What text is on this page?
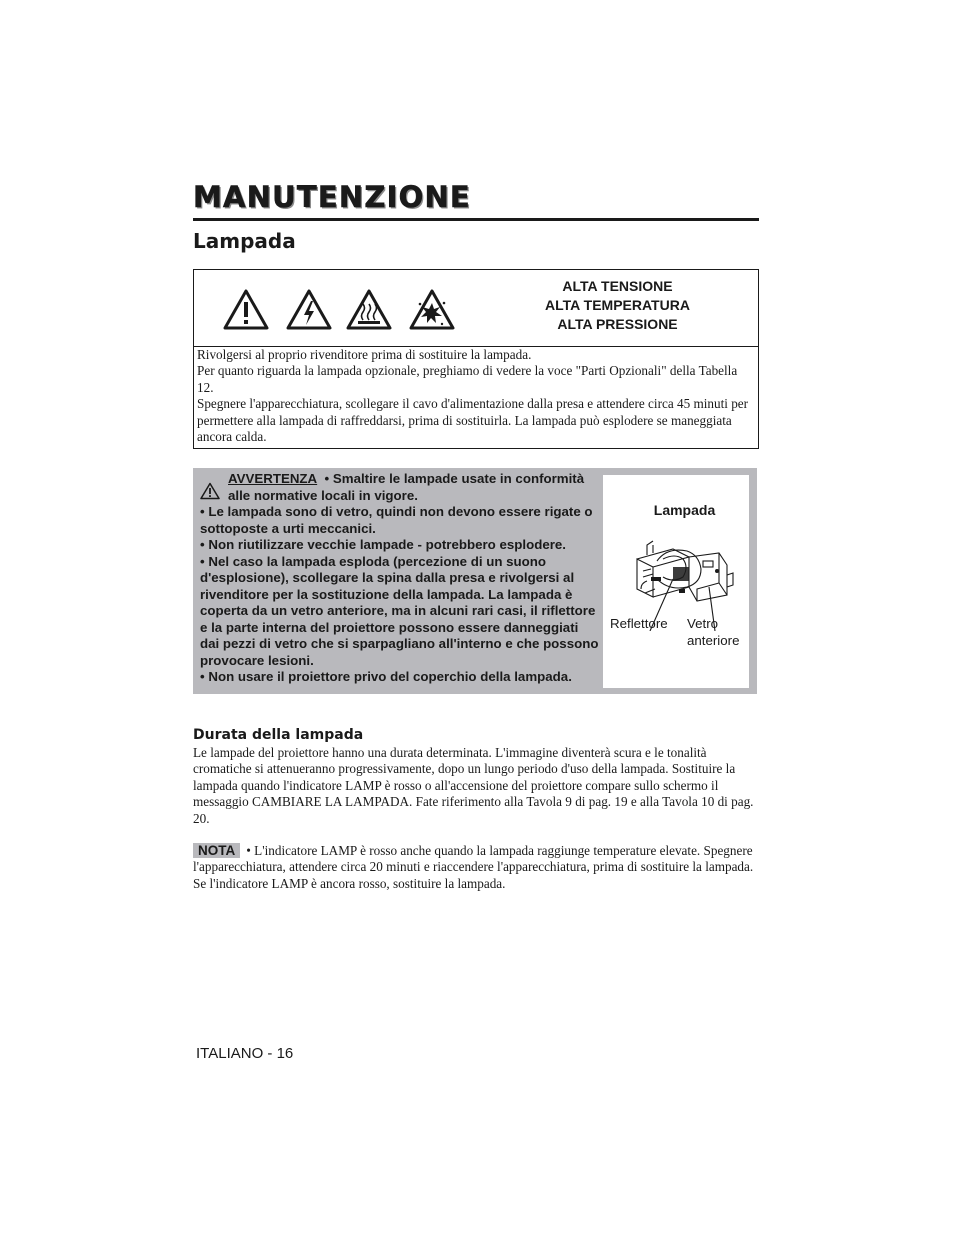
MANUTENZIONE
Lampada
ALTA TENSIONE
ALTA TEMPERATURA
ALTA PRESSIONE

Rivolgersi al proprio rivenditore prima di sostituire la lampada.

Per quanto riguarda la lampada opzionale, preghiamo di vedere la voce "Parti Opzionali" della Tabella 12.

Spegnere l'apparecchiatura, scollegare il cavo d'alimentazione dalla presa e attendere circa 45 minuti per permettere alla lampada di raffreddarsi, prima di sostituirla. La lampada può esplodere se maneggiata ancora calda.

AVVERTENZA • Smaltire le lampade usate in conformità alle normative locali in vigore.

• Le lampada sono di vetro, quindi non devono essere rigate o sottoposte a urti meccanici.

• Non riutilizzare vecchie lampade - potrebbero esplodere.

• Nel caso la lampada esploda (percezione di un suono d'esplosione), scollegare la spina dalla presa e rivolgersi al rivenditore per la sostituzione della lampada. La lampada è coperta da un vetro anteriore, ma in alcuni rari casi, il riflettore e la parte interna del proiettore possono essere danneggiati dai pezzi di vetro che si sparpagliano all'interno e che possono provocare lesioni.

• Non usare il proiettore privo del coperchio della lampada.

Lampada
Reflettore Vetro
anteriore
Durata della lampada
Le lampade del proiettore hanno una durata determinata. L'immagine diventerà scura e le tonalità cromatiche si attenueranno progressivamente, dopo un lungo periodo d'uso della lampada. Sostituire la lampada quando l'indicatore LAMP è rosso o all'accensione del proiettore compare sullo schermo il messaggio CAMBIARE LA LAMPADA. Fate riferimento alla Tavola 9 di pag. 19 e alla Tavola 10 di pag. 20.
NOTA • L'indicatore LAMP è rosso anche quando la lampada raggiunge temperature elevate. Spegnere l'apparecchiatura, attendere circa 20 minuti e riaccendere l'apparecchiatura, prima di sostituire la lampada. Se l'indicatore LAMP è ancora rosso, sostituire la lampada.
ITALIANO - 16
